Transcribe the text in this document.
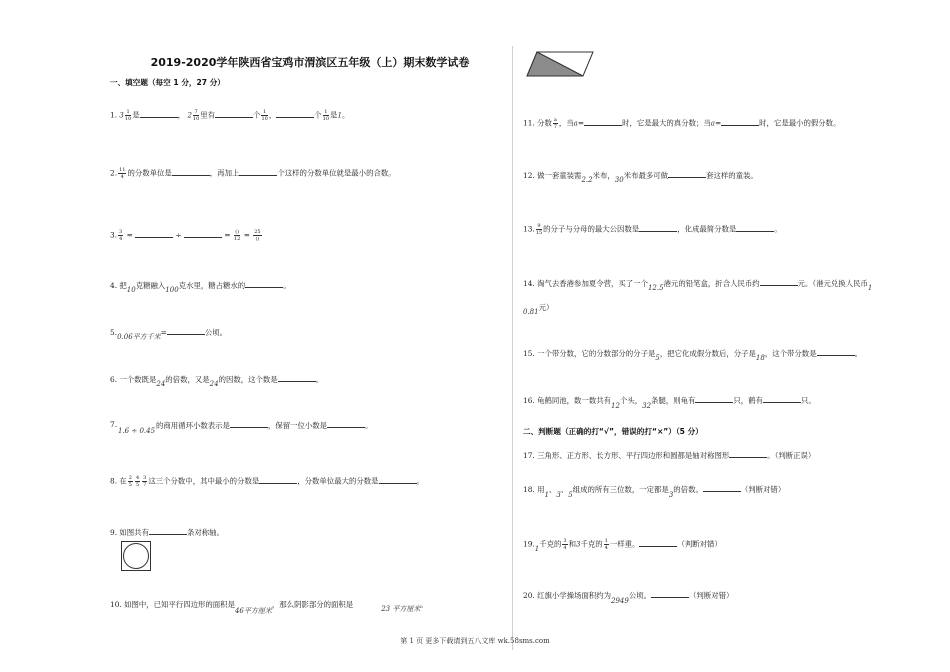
2019-2020学年陕西省宝鸡市渭滨区五年级（上）期末数学试卷
一、填空题（每空 1 分，27 分）
1. $3 \frac{1}{10}$ 是	， $2 \frac{7}{10}$ 里有	个 $\frac{1}{10}$ ，	个 $\frac{1}{10}$ 是1。
2. $\frac{11}{4}$ 的分数单位是	，再加上	个这样的分数单位就是最小的合数。
3. $\frac{3}{4}$ =	÷	= ()
12 = 25
()
4. 把10克糖融入100克水里，糖占糖水的	。
5.0.06平方千米=	公顷。
6. 一个数既是24的倍数，又是24的因数，这个数是	。
7.
1.6 ÷ 0.45
的商用循环小数表示是	，保留一位小数是	。
8. 在 $\frac{2}{5} \frac{4}{5} \frac{3}{7}$ 这三个分数中，其中最小的分数是	，分数单位最大的分数是	。
9. 如图共有	条对称轴。
10. 如图中，已知平行四边形的面积是46平方厘米，那么阴影部分的面积是	23 平方厘米。
11. 分数 $\frac{a}{7}$ ，当a=	时，它是最大的真分数；当a=	时，它是最小的假分数。
12. 做一套童装需2.2米布，30米布最多可做	套这样的童装。
13. $\frac{9}{15}$ 的分子与分母的最大公因数是	，化成最简分数是	。
14. 淘气去香港参加夏令营，买了一个12.5港元的铅笔盒，折合人民币约	元。（港元兑换人民币1
0.81元）
15. 一个带分数，它的分数部分的分子是5，把它化成假分数后，分子是18，这个带分数是	。
16. 龟鹤同池，数一数共有12个头，32条腿，则龟有	只，鹤有	只。
二、判断题（正确的打“√”，错误的打“×”）（5 分）
17. 三角形、正方形、长方形、平行四边形和圆都是轴对称图形	。（判断正误）
18. 用1、3、5组成的所有三位数，一定都是3的倍数。	（判断对错）
19.1千克的 $\frac{3}{4}$ 和3千克的 $\frac{1}{4}$ 一样重。	（判断对错）
20. 红旗小学操场面积约为2949公顷。	（判断对错）
第 1 页 更多下载请到五八文库 wk.58sms.com
